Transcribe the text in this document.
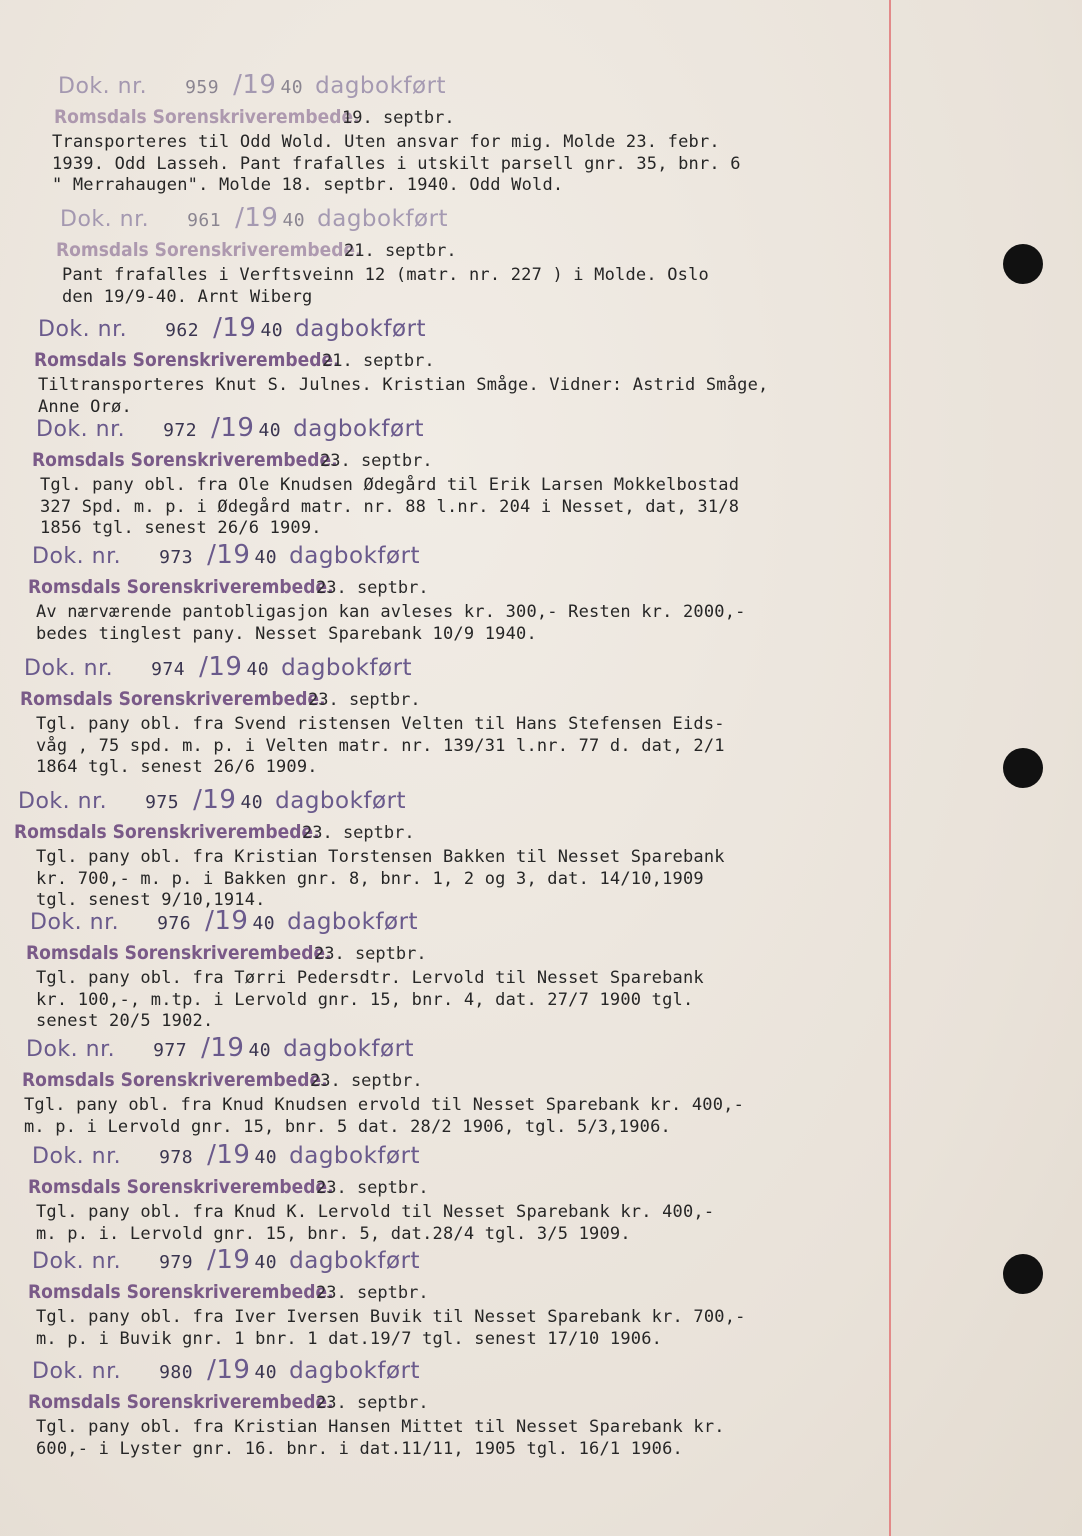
Dok. nr. 959 /19 40 dagbokført
Romsdals Sorenskriverembede.
19. septbr.
Transporteres til Odd Wold. Uten ansvar for mig. Molde 23. febr.
1939. Odd Lasseh. Pant frafalles i utskilt parsell gnr. 35, bnr. 6
" Merrahaugen". Molde 18. septbr. 1940. Odd Wold.
Dok. nr. 961 /19 40 dagbokført
Romsdals Sorenskriverembede.
21. septbr.
Pant frafalles i Verftsveinn 12 (matr. nr. 227 ) i Molde. Oslo
den 19/9-40. Arnt Wiberg
Dok. nr. 962 /19 40 dagbokført
Romsdals Sorenskriverembede.
21. septbr.
Tiltransporteres Knut S. Julnes. Kristian Småge. Vidner: Astrid Småge,
Anne Orø.
Dok. nr. 972 /19 40 dagbokført
Romsdals Sorenskriverembede.
23. septbr.
Tgl. pany obl. fra Ole Knudsen Ødegård til Erik Larsen Mokkelbostad
327 Spd. m. p. i Ødegård matr. nr. 88 l.nr. 204 i Nesset, dat, 31/8
1856 tgl. senest 26/6 1909.
Dok. nr. 973 /19 40 dagbokført
Romsdals Sorenskriverembede.
23. septbr.
Av nærværende pantobligasjon kan avleses kr. 300,- Resten kr. 2000,-
bedes tinglest pany. Nesset Sparebank 10/9 1940.
Dok. nr. 974 /19 40 dagbokført
Romsdals Sorenskriverembede.
23. septbr.
Tgl. pany obl. fra Svend ristensen Velten til Hans Stefensen Eids-
våg , 75 spd. m. p. i Velten matr. nr. 139/31 l.nr. 77 d. dat, 2/1
1864 tgl. senest 26/6 1909.
Dok. nr. 975 /19 40 dagbokført
Romsdals Sorenskriverembede.
23. septbr.
Tgl. pany obl. fra Kristian Torstensen Bakken til Nesset Sparebank
kr. 700,- m. p. i Bakken gnr. 8, bnr. 1, 2 og 3, dat. 14/10,1909
tgl. senest 9/10,1914.
Dok. nr. 976 /19 40 dagbokført
Romsdals Sorenskriverembede.
23. septbr.
Tgl. pany obl. fra Tørri Pedersdtr. Lervold til Nesset Sparebank
kr. 100,-, m.tp. i Lervold gnr. 15, bnr. 4, dat. 27/7 1900 tgl.
senest 20/5 1902.
Dok. nr. 977 /19 40 dagbokført
Romsdals Sorenskriverembede.
23. septbr.
Tgl. pany obl. fra Knud Knudsen ervold til Nesset Sparebank kr. 400,-
m. p. i Lervold gnr. 15, bnr. 5 dat. 28/2 1906, tgl. 5/3,1906.
Dok. nr. 978 /19 40 dagbokført
Romsdals Sorenskriverembede.
23. septbr.
Tgl. pany obl. fra Knud K. Lervold til Nesset Sparebank kr. 400,-
m. p. i. Lervold gnr. 15, bnr. 5, dat.28/4 tgl. 3/5 1909.
Dok. nr. 979 /19 40 dagbokført
Romsdals Sorenskriverembede.
23. septbr.
Tgl. pany obl. fra Iver Iversen Buvik til Nesset Sparebank kr. 700,-
m. p. i Buvik gnr. 1 bnr. 1 dat.19/7 tgl. senest 17/10 1906.
Dok. nr. 980 /19 40 dagbokført
Romsdals Sorenskriverembede.
23. septbr.
Tgl. pany obl. fra Kristian Hansen Mittet til Nesset Sparebank kr.
600,- i Lyster gnr. 16. bnr. i dat.11/11, 1905 tgl. 16/1 1906.
